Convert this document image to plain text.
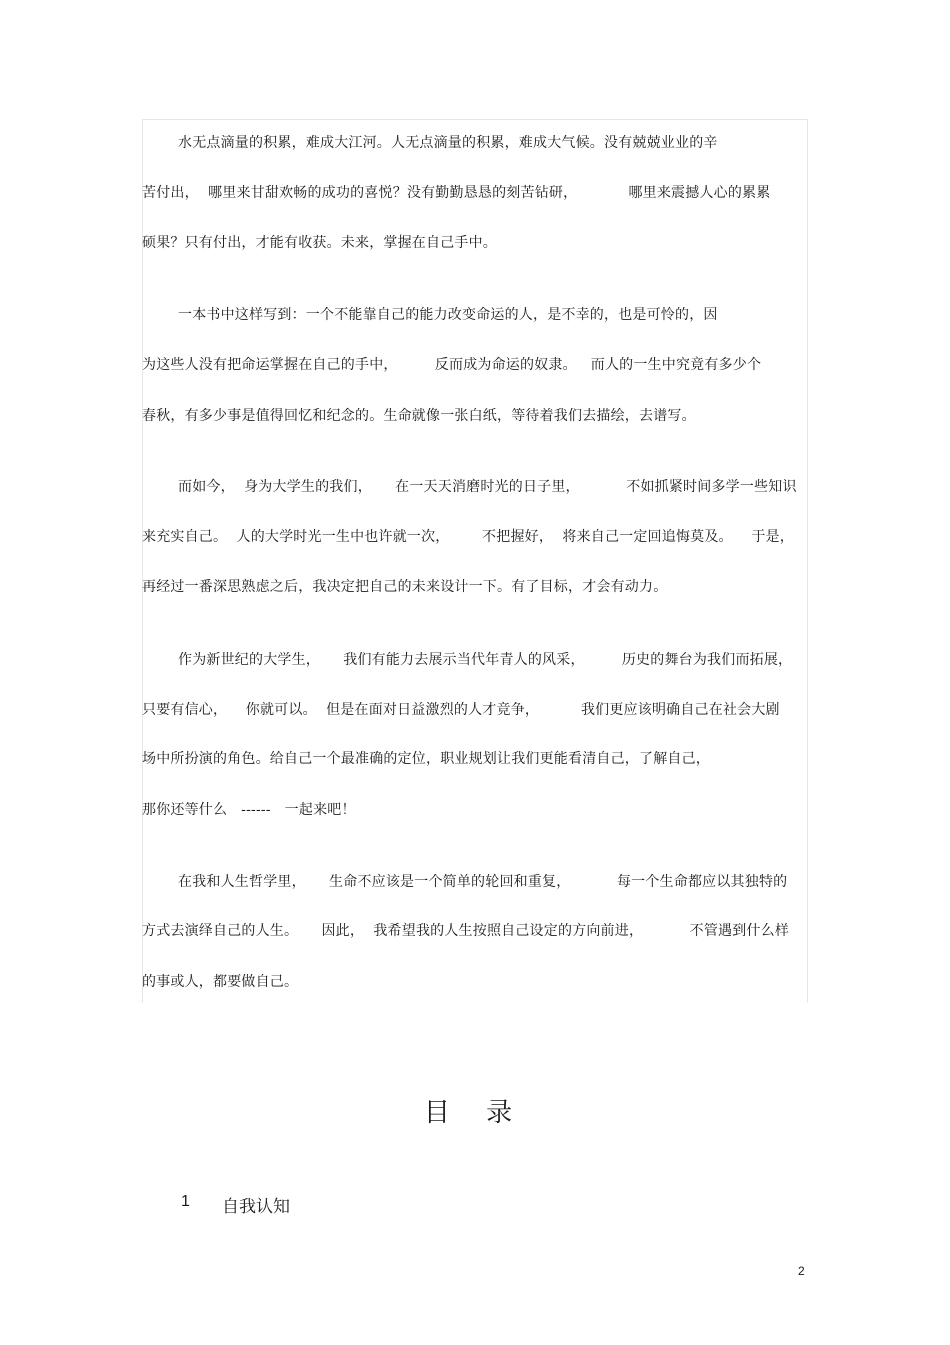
水无点滴量的积累，难成大江河。人无点滴量的积累，难成大气候。没有兢兢业业的辛
苦付出，  哪里来甘甜欢畅的成功的喜悦？没有勤勤恳恳的刻苦钻研，           哪里来震撼人心的累累
硕果？只有付出，才能有收获。未来，掌握在自己手中。
一本书中这样写到：一个不能靠自己的能力改变命运的人，是不幸的，也是可怜的，因
为这些人没有把命运掌握在自己的手中，        反而成为命运的奴隶。   而人的一生中究竟有多少个
春秋，有多少事是值得回忆和纪念的。生命就像一张白纸，等待着我们去描绘，去谱写。
而如今，  身为大学生的我们，     在一天天消磨时光的日子里，          不如抓紧时间多学一些知识
来充实自己。  人的大学时光一生中也许就一次，       不把握好，  将来自己一定回追悔莫及。    于是，
再经过一番深思熟虑之后，我决定把自己的未来设计一下。有了目标，才会有动力。
作为新世纪的大学生，     我们有能力去展示当代年青人的风采，        历史的舞台为我们而拓展，
只要有信心，    你就可以。  但是在面对日益激烈的人才竞争，         我们更应该明确自己在社会大剧
场中所扮演的角色。给自己一个最准确的定位，职业规划让我们更能看清自己，了解自己，
那你还等什么   ------   一起来吧！
在我和人生哲学里，     生命不应该是一个简单的轮回和重复，          每一个生命都应以其独特的
方式去演绎自己的人生。     因此，  我希望我的人生按照自己设定的方向前进，          不管遇到什么样
的事或人，都要做自己。
目 录
1 自我认知
2
